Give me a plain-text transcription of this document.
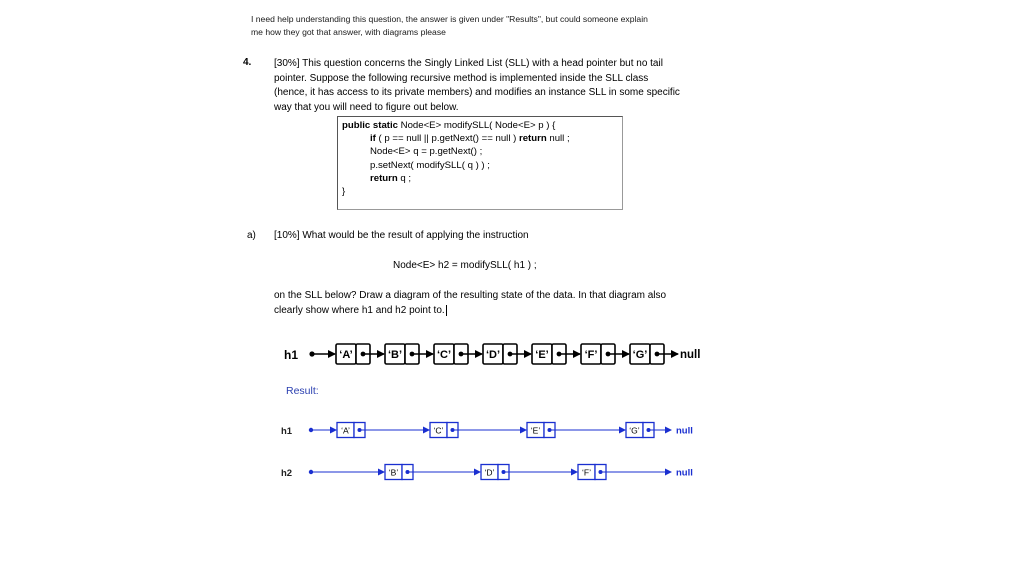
I need help understanding this question, the answer is given under "Results", but could someone explain
me how they got that answer, with diagrams please
4. [30%] This question concerns the Singly Linked List (SLL) with a head pointer but no tail
pointer. Suppose the following recursive method is implemented inside the SLL class
(hence, it has access to its private members) and modifies an instance SLL in some specific
way that you will need to figure out below.
public static Node<E> modifySLL( Node<E> p ) {
if ( p == null || p.getNext() == null ) return null ;
Node<E> q = p.getNext() ;
p.setNext( modifySLL( q ) ) ;
return q ;
}
a) [10%] What would be the result of applying the instruction
Node<E> h2 = modifySLL( h1 ) ;
on the SLL below? Draw a diagram of the resulting state of the data. In that diagram also
clearly show where h1 and h2 point to.
h1	‘A’	‘B’	‘C’	‘D’	‘E’	‘F’	‘G’	null
h1	‘A’	‘C’	‘E’	‘G’	null
h2	‘B’	‘D’	‘F’	null
Result:
